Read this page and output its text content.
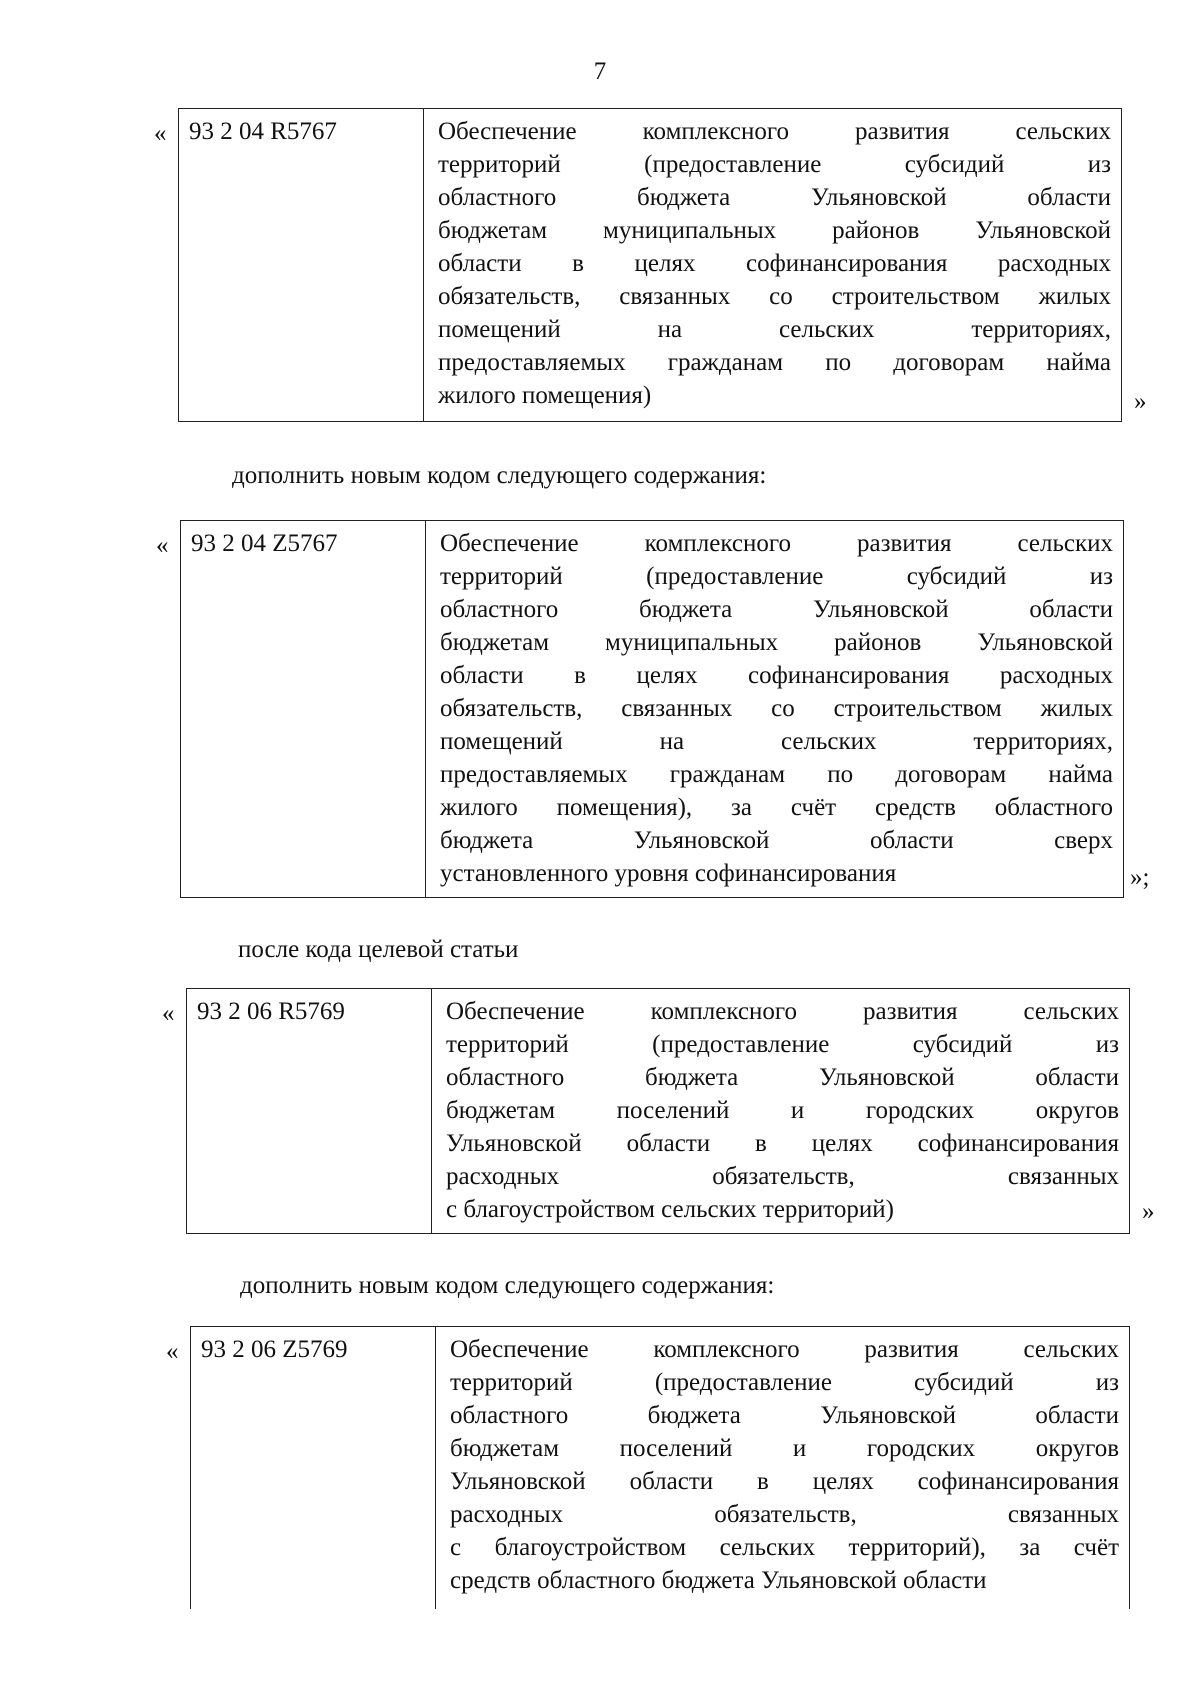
7
« 93 2 04 R5767	Обеспечение комплексного развития сельских
территорий (предоставление субсидий из
областного бюджета Ульяновской области
бюджетам муниципальных районов Ульяновской
области в целях софинансирования расходных
обязательств, связанных со строительством жилых
помещений на сельских территориях,
предоставляемых гражданам по договорам найма
жилого помещения)	»
дополнить новым кодом следующего содержания:
« 93 2 04 Z5767	Обеспечение комплексного развития сельских
территорий (предоставление субсидий из
областного бюджета Ульяновской области
бюджетам муниципальных районов Ульяновской
области в целях софинансирования расходных
обязательств, связанных со строительством жилых
помещений на сельских территориях,
предоставляемых гражданам по договорам найма
жилого помещения), за счёт средств областного
бюджета Ульяновской области сверх
установленного уровня софинансирования	»;
после кода целевой статьи
« 93 2 06 R5769	Обеспечение комплексного развития сельских
территорий (предоставление субсидий из
областного бюджета Ульяновской области
бюджетам поселений и городских округов
Ульяновской области в целях софинансирования
расходных обязательств, связанных
с благоустройством сельских территорий)	»
дополнить новым кодом следующего содержания:
« 93 2 06 Z5769	Обеспечение комплексного развития сельских
территорий (предоставление субсидий из
областного бюджета Ульяновской области
бюджетам поселений и городских округов
Ульяновской области в целях софинансирования
расходных обязательств, связанных
с благоустройством сельских территорий), за счёт
средств областного бюджета Ульяновской области
